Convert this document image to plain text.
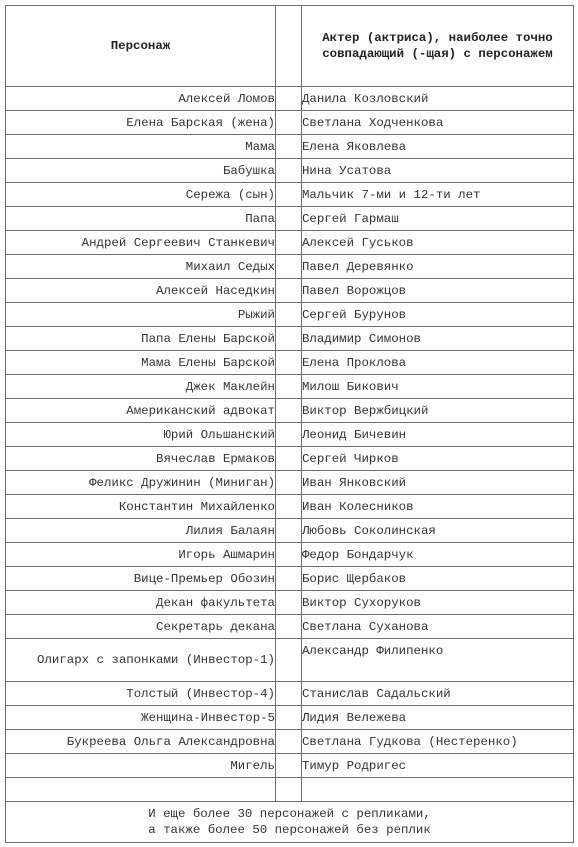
Персонаж		Актер (актриса), наиболее точно совпадающий (-щая) с персонажем
Алексей Ломов		Данила Козловский
Елена Барская (жена)		Светлана Ходченкова
Мама		Елена Яковлева
Бабушка		Нина Усатова
Сережа (сын)		Мальчик 7-ми и 12-ти лет
Папа		Сергей Гармаш
Андрей Сергеевич Станкевич		Алексей Гуськов
Михаил Седых		Павел Деревянко
Алексей Наседкин		Павел Ворожцов
Рыжий		Сергей Бурунов
Папа Елены Барской		Владимир Симонов
Мама Елены Барской		Елена Проклова
Джек Маклейн		Милош Бикович
Американский адвокат		Виктор Вержбицкий
Юрий Ольшанский		Леонид Бичевин
Вячеслав Ермаков		Сергей Чирков
Феликс Дружинин (Миниган)		Иван Янковский
Константин Михайленко		Иван Колесников
Лилия Балаян		Любовь Соколинская
Игорь Ашмарин		Федор Бондарчук
Вице-Премьер Обозин		Борис Щербаков
Декан факультета		Виктор Сухоруков
Секретарь декана		Светлана Суханова
Олигарх с запонками (Инвестор-1)		Александр Филипенко
Толстый (Инвестор-4)		Станислав Садальский
Женщина-Инвестор-5		Лидия Вележева
Букреева Ольга Александровна		Светлана Гудкова (Нестеренко)
Мигель		Тимур Родригес

И еще более 30 персонажей с репликами,
а также более 50 персонажей без реплик		
